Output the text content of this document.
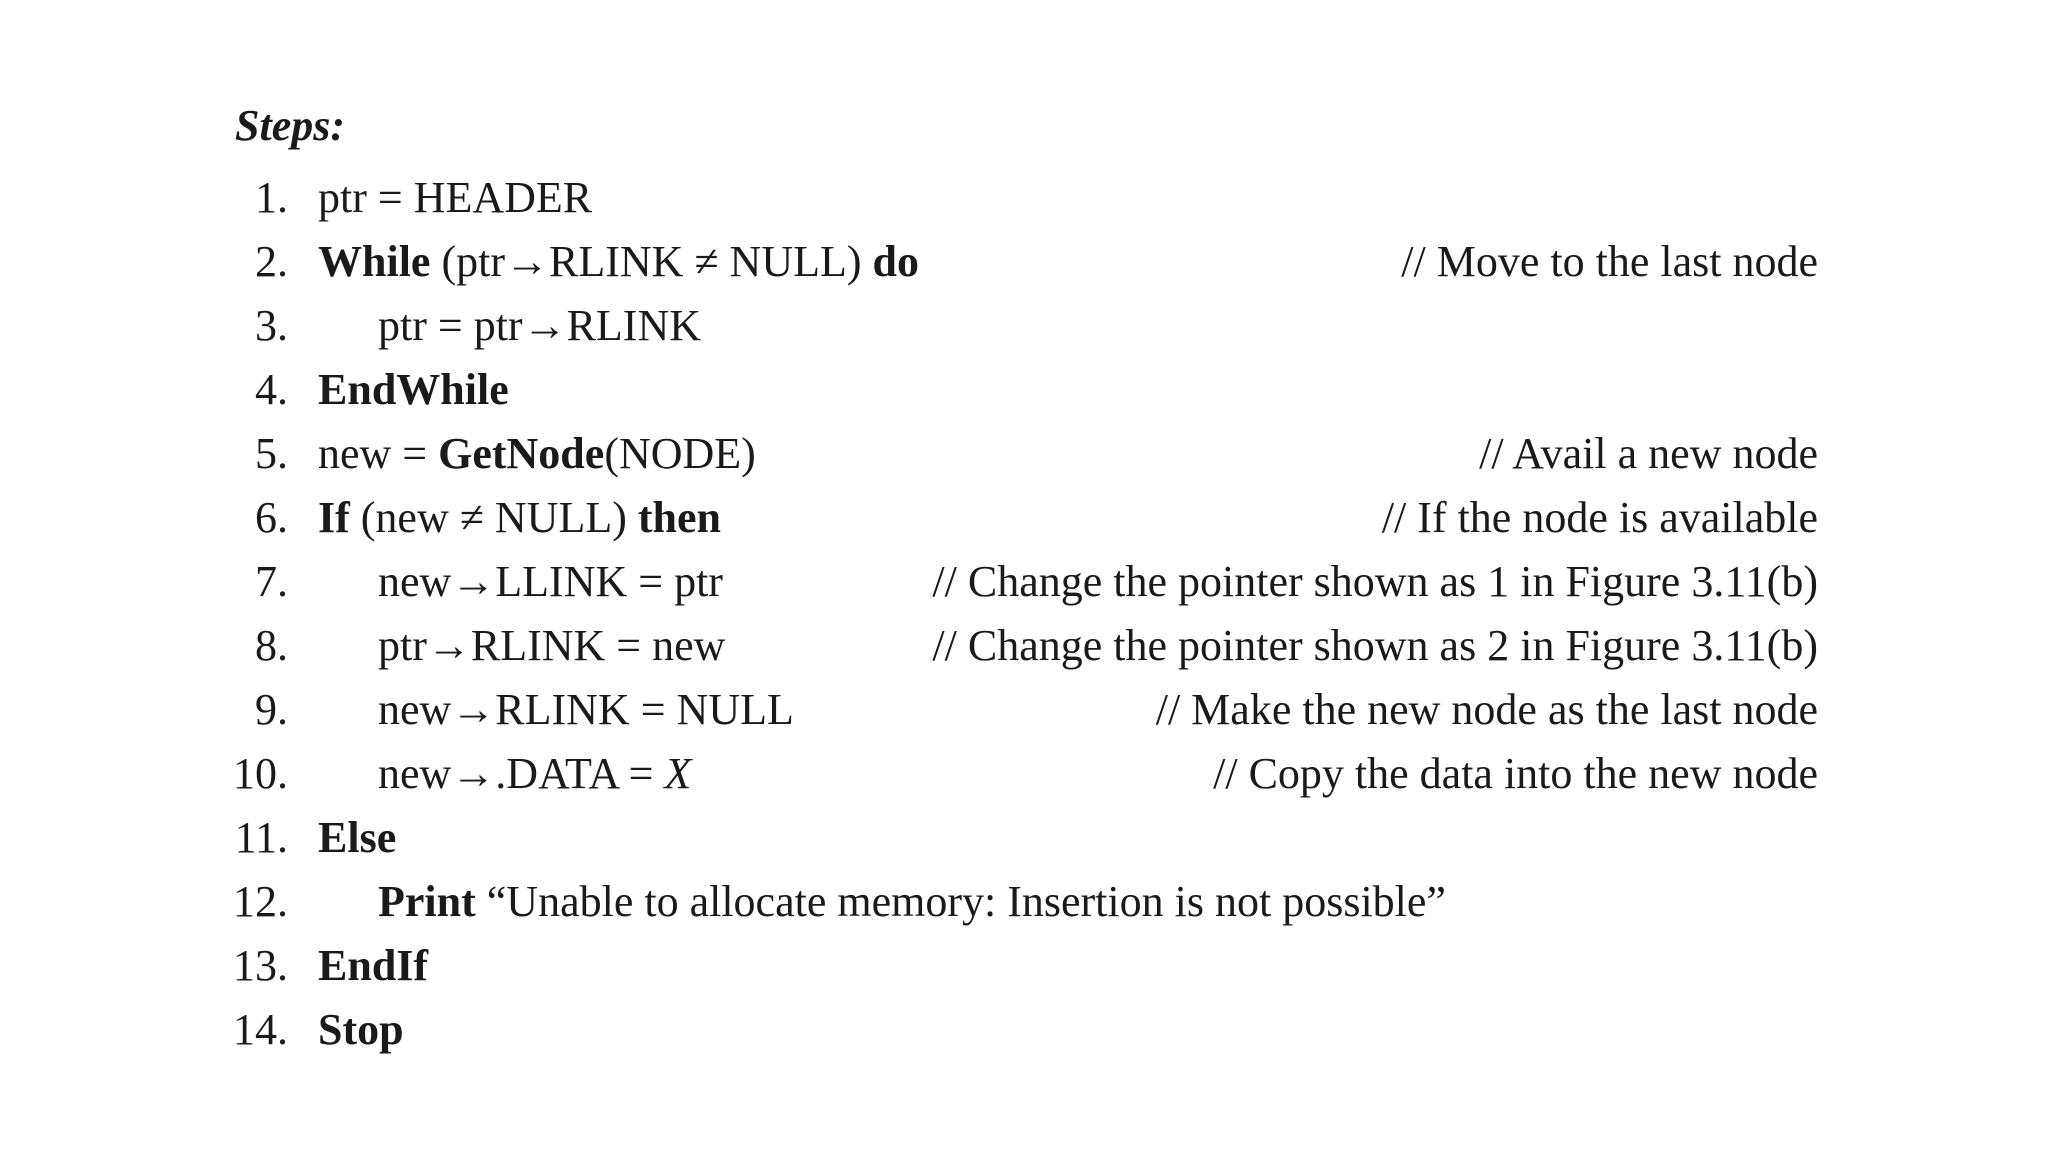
Steps:
1. ptr = HEADER
2. While (ptr→RLINK ≠ NULL) do	// Move to the last node
3. ptr = ptr→RLINK
4. EndWhile
5. new = GetNode(NODE)	// Avail a new node
6. If (new ≠ NULL) then	// If the node is available
7. new→LLINK = ptr	// Change the pointer shown as 1 in Figure 3.11(b)
8. ptr→RLINK = new	// Change the pointer shown as 2 in Figure 3.11(b)
9. new→RLINK = NULL	// Make the new node as the last node
10. new→.DATA = X	// Copy the data into the new node
11. Else
12. Print “Unable to allocate memory: Insertion is not possible”
13. EndIf
14. Stop
